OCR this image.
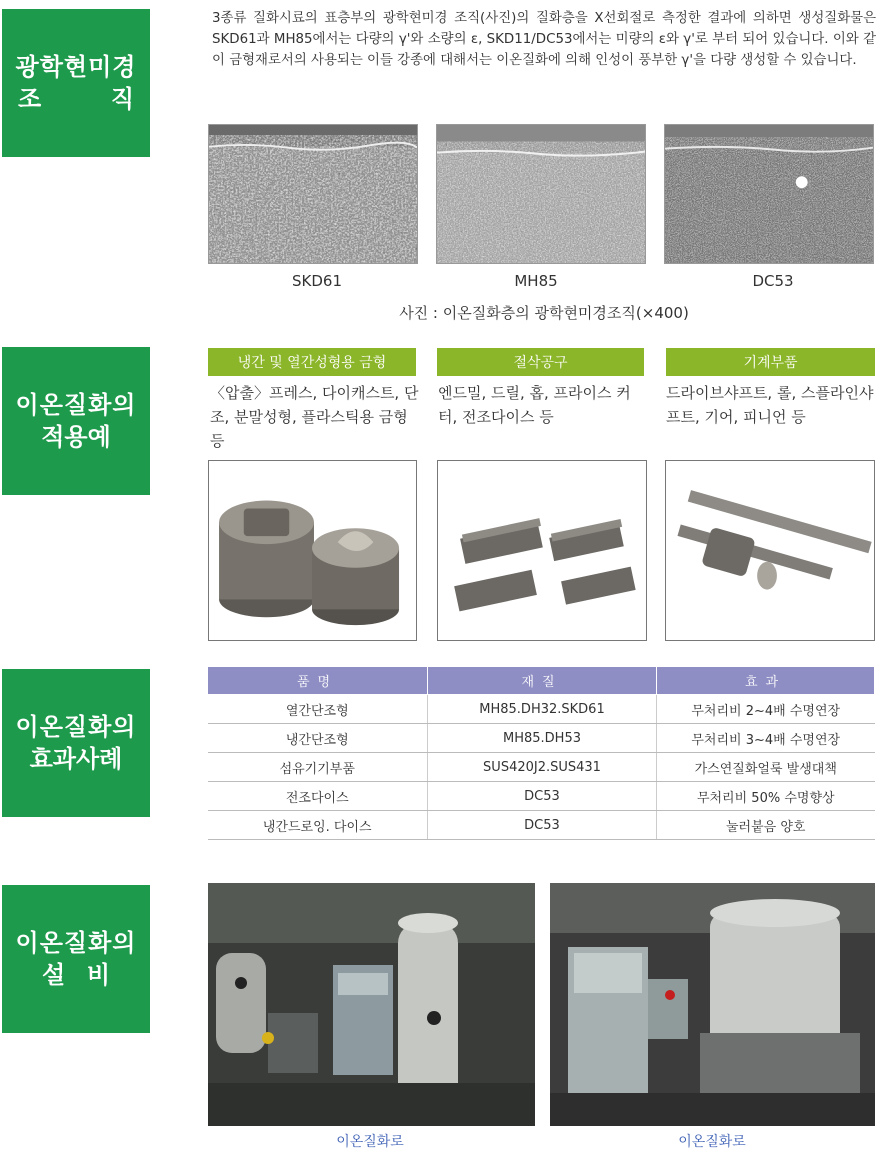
광학현미경
조	직
이온질화의
적용예
이온질화의
효과사례
이온질화의
설 비

3종류 질화시료의 표층부의 광학현미경 조직(사진)의 질화층을 X선회절로 측정한 결과에 의하면 생성질화물은 SKD61과 MH85에서는 다량의 γ'와 소량의 ε, SKD11/DC53에서는 미량의 ε와 γ'로 부터 되어 있습니다. 이와 같이 금형재로서의 사용되는 이들 강종에 대해서는 이온질화에 의해 인성이 풍부한 γ'을 다량 생성할 수 있습니다.

SKD61	MH85	DC53
사진 : 이온질화층의 광학현미경조직(×400)
냉간 및 열간성형용 금형	절삭공구	기계부품
〈압출〉프레스, 다이캐스트, 단조, 분말성형, 플라스틱용 금형 등
엔드밀, 드릴, 홉, 프라이스 커터, 전조다이스 등
드라이브샤프트, 롤, 스플라인샤프트, 기어, 피니언 등
품명	재질	효과
열간단조형	MH85.DH32.SKD61	무처리비 2~4배 수명연장
냉간단조형	MH85.DH53	무처리비 3~4배 수명연장
섬유기기부품	SUS420J2.SUS431	가스연질화얼룩 발생대책
전조다이스	DC53	무처리비 50% 수명향상
냉간드로잉. 다이스	DC53	눌러붙음 양호
이온질화로	이온질화로
